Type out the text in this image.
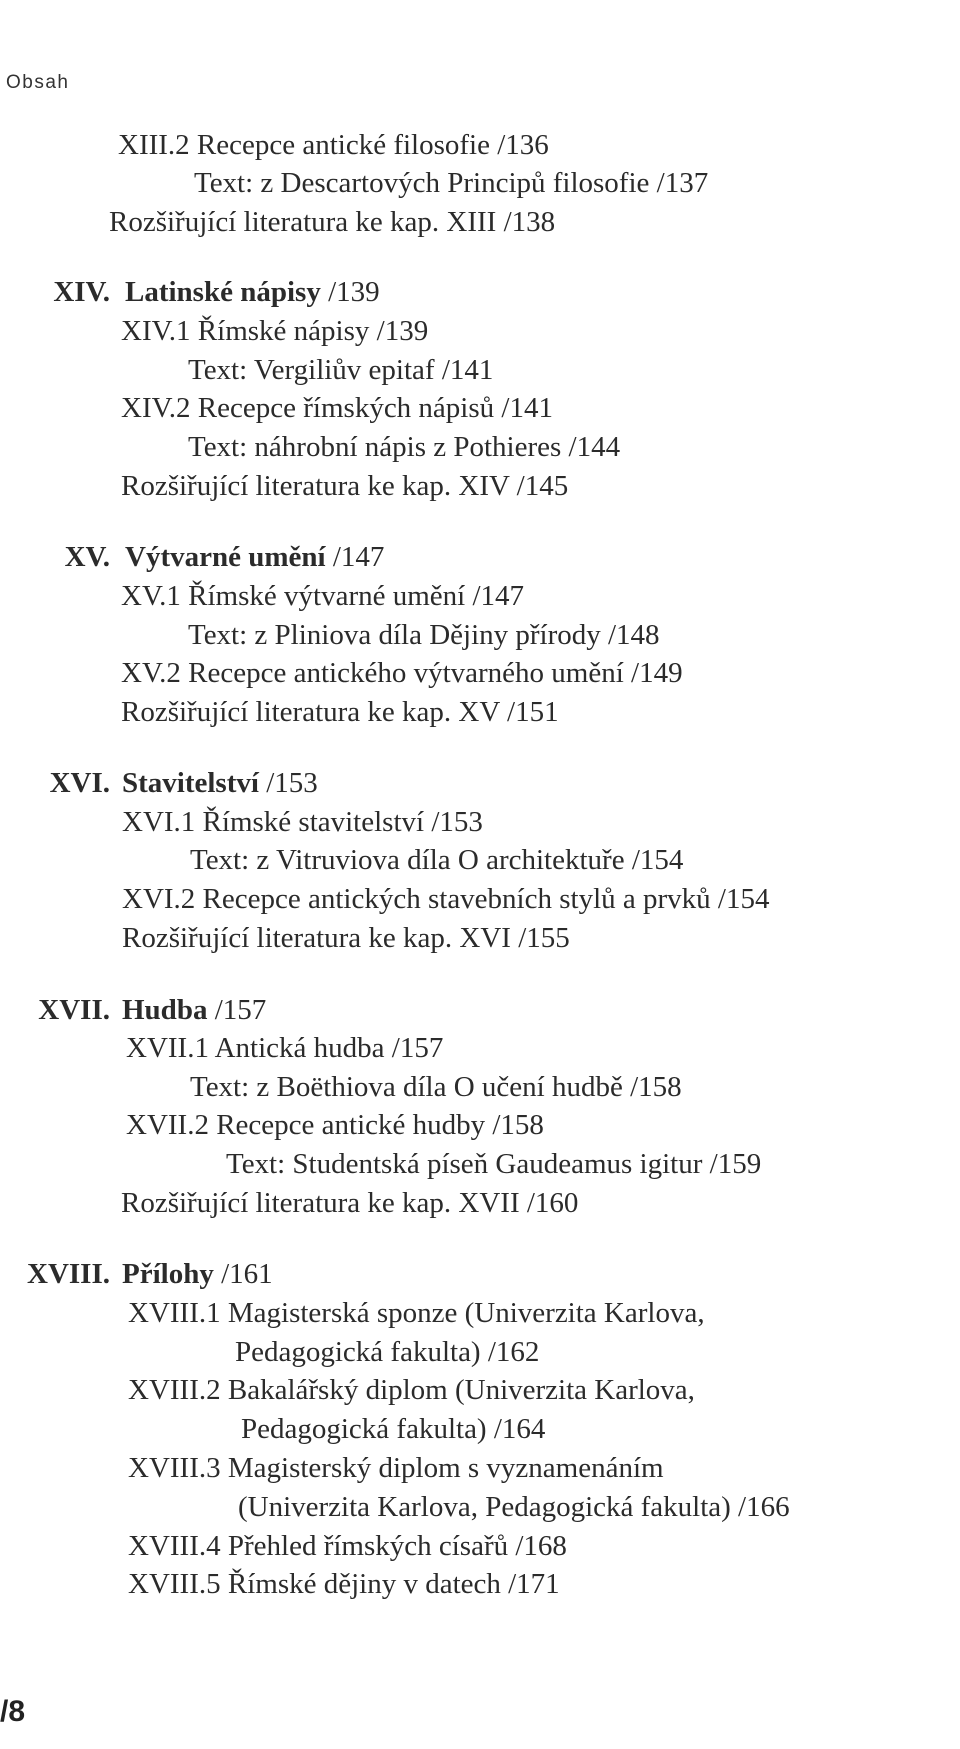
Obsah
XIII.2 Recepce antické filosofie /136
Text: z Descartových Principů filosofie /137
Rozšiřující literatura ke kap. XIII /138
XIV. Latinské nápisy /139
XIV.1 Římské nápisy /139
Text: Vergiliův epitaf /141
XIV.2 Recepce římských nápisů /141
Text: náhrobní nápis z Pothieres /144
Rozšiřující literatura ke kap. XIV /145
XV. Výtvarné umění /147
XV.1 Římské výtvarné umění /147
Text: z Pliniova díla Dějiny přírody /148
XV.2 Recepce antického výtvarného umění /149
Rozšiřující literatura ke kap. XV /151
XVI. Stavitelství /153
XVI.1 Římské stavitelství /153
Text: z Vitruviova díla O architektuře /154
XVI.2 Recepce antických stavebních stylů a prvků /154
Rozšiřující literatura ke kap. XVI /155
XVII. Hudba /157
XVII.1 Antická hudba /157
Text: z Boëthiova díla O učení hudbě /158
XVII.2 Recepce antické hudby /158
Text: Studentská píseň Gaudeamus igitur /159
Rozšiřující literatura ke kap. XVII /160
XVIII. Přílohy /161
XVIII.1 Magisterská sponze (Univerzita Karlova,
Pedagogická fakulta) /162
XVIII.2 Bakalářský diplom (Univerzita Karlova,
Pedagogická fakulta) /164
XVIII.3 Magisterský diplom s vyznamenáním
(Univerzita Karlova, Pedagogická fakulta) /166
XVIII.4 Přehled římských císařů /168
XVIII.5 Římské dějiny v datech /171
/8
